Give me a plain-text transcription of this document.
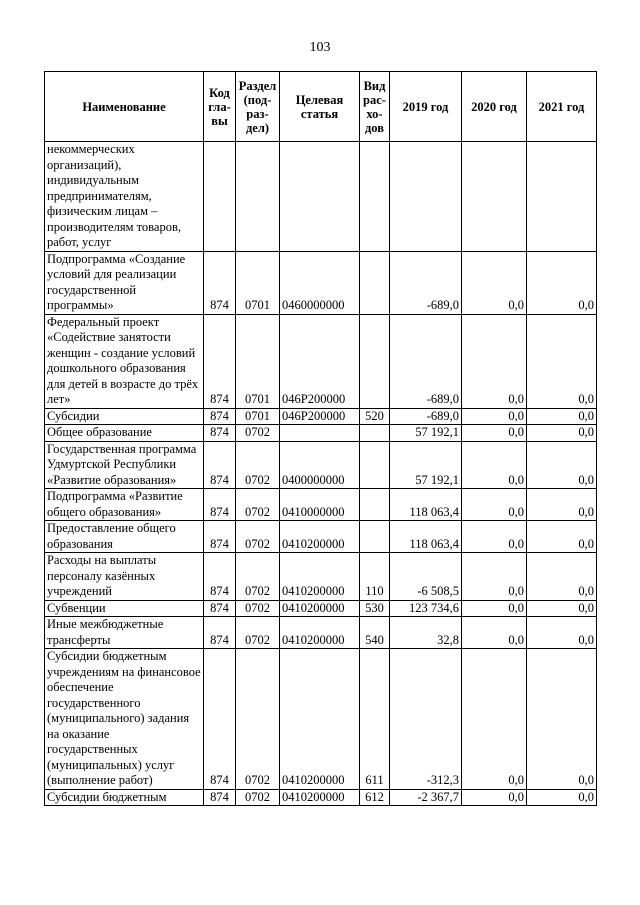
103
Наименование	Код гла-вы	Раздел (под-раз-дел)	Целевая статья	Вид рас-хо-дов	2019 год	2020 год	2021 год
некоммерческих организаций), индивидуальным предпринимателям, физическим лицам – производителям товаров, работ, услуг							
Подпрограмма «Создание условий для реализации государственной программы»	874	0701	0460000000		-689,0	0,0	0,0
Федеральный проект «Содействие занятости женщин - создание условий дошкольного образования для детей в возрасте до трёх лет»	874	0701	046P200000		-689,0	0,0	0,0
Субсидии	874	0701	046P200000	520	-689,0	0,0	0,0
Общее образование	874	0702			57 192,1	0,0	0,0
Государственная программа Удмуртской Республики «Развитие образования»	874	0702	0400000000		57 192,1	0,0	0,0
Подпрограмма «Развитие общего образования»	874	0702	0410000000		118 063,4	0,0	0,0
Предоставление общего образования	874	0702	0410200000		118 063,4	0,0	0,0
Расходы на выплаты персоналу казённых учреждений	874	0702	0410200000	110	-6 508,5	0,0	0,0
Субвенции	874	0702	0410200000	530	123 734,6	0,0	0,0
Иные межбюджетные трансферты	874	0702	0410200000	540	32,8	0,0	0,0
Субсидии бюджетным учреждениям на финансовое обеспечение государственного (муниципального) задания на оказание государственных (муниципальных) услуг (выполнение работ)	874	0702	0410200000	611	-312,3	0,0	0,0
Субсидии бюджетным	874	0702	0410200000	612	-2 367,7	0,0	0,0
